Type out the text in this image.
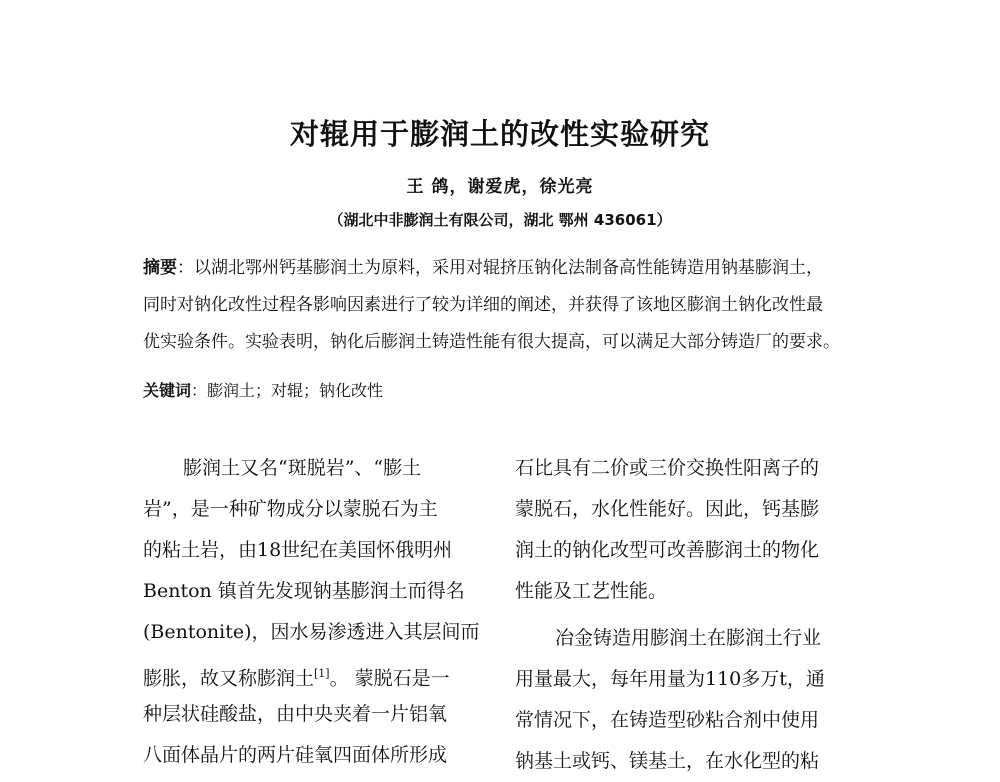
对辊用于膨润土的改性实验研究
王 鸽，谢爱虎，徐光亮
（湖北中非膨润土有限公司，湖北 鄂州 436061）
摘要：以湖北鄂州钙基膨润土为原料，采用对辊挤压钠化法制备高性能铸造用钠基膨润土，
同时对钠化改性过程各影响因素进行了较为详细的阐述，并获得了该地区膨润土钠化改性最
优实验条件。实验表明，钠化后膨润土铸造性能有很大提高，可以满足大部分铸造厂的要求。
关键词：膨润土；对辊；钠化改性
膨润土又名“斑脱岩”、“膨土
岩”，是一种矿物成分以蒙脱石为主
的粘土岩，由18世纪在美国怀俄明州
Benton 镇首先发现钠基膨润土而得名
(Bentonite)，因水易渗透进入其层间而
膨胀，故又称膨润土[1]。 蒙脱石是一
种层状硅酸盐，由中央夹着一片铝氧
八面体晶片的两片硅氧四面体所形成
石比具有二价或三价交换性阳离子的
蒙脱石，水化性能好。因此，钙基膨
润土的钠化改型可改善膨润土的物化
性能及工艺性能。
冶金铸造用膨润土在膨润土行业
用量最大，每年用量为110多万t，通
常情况下，在铸造型砂粘合剂中使用
钠基土或钙、镁基土，在水化型的粘
